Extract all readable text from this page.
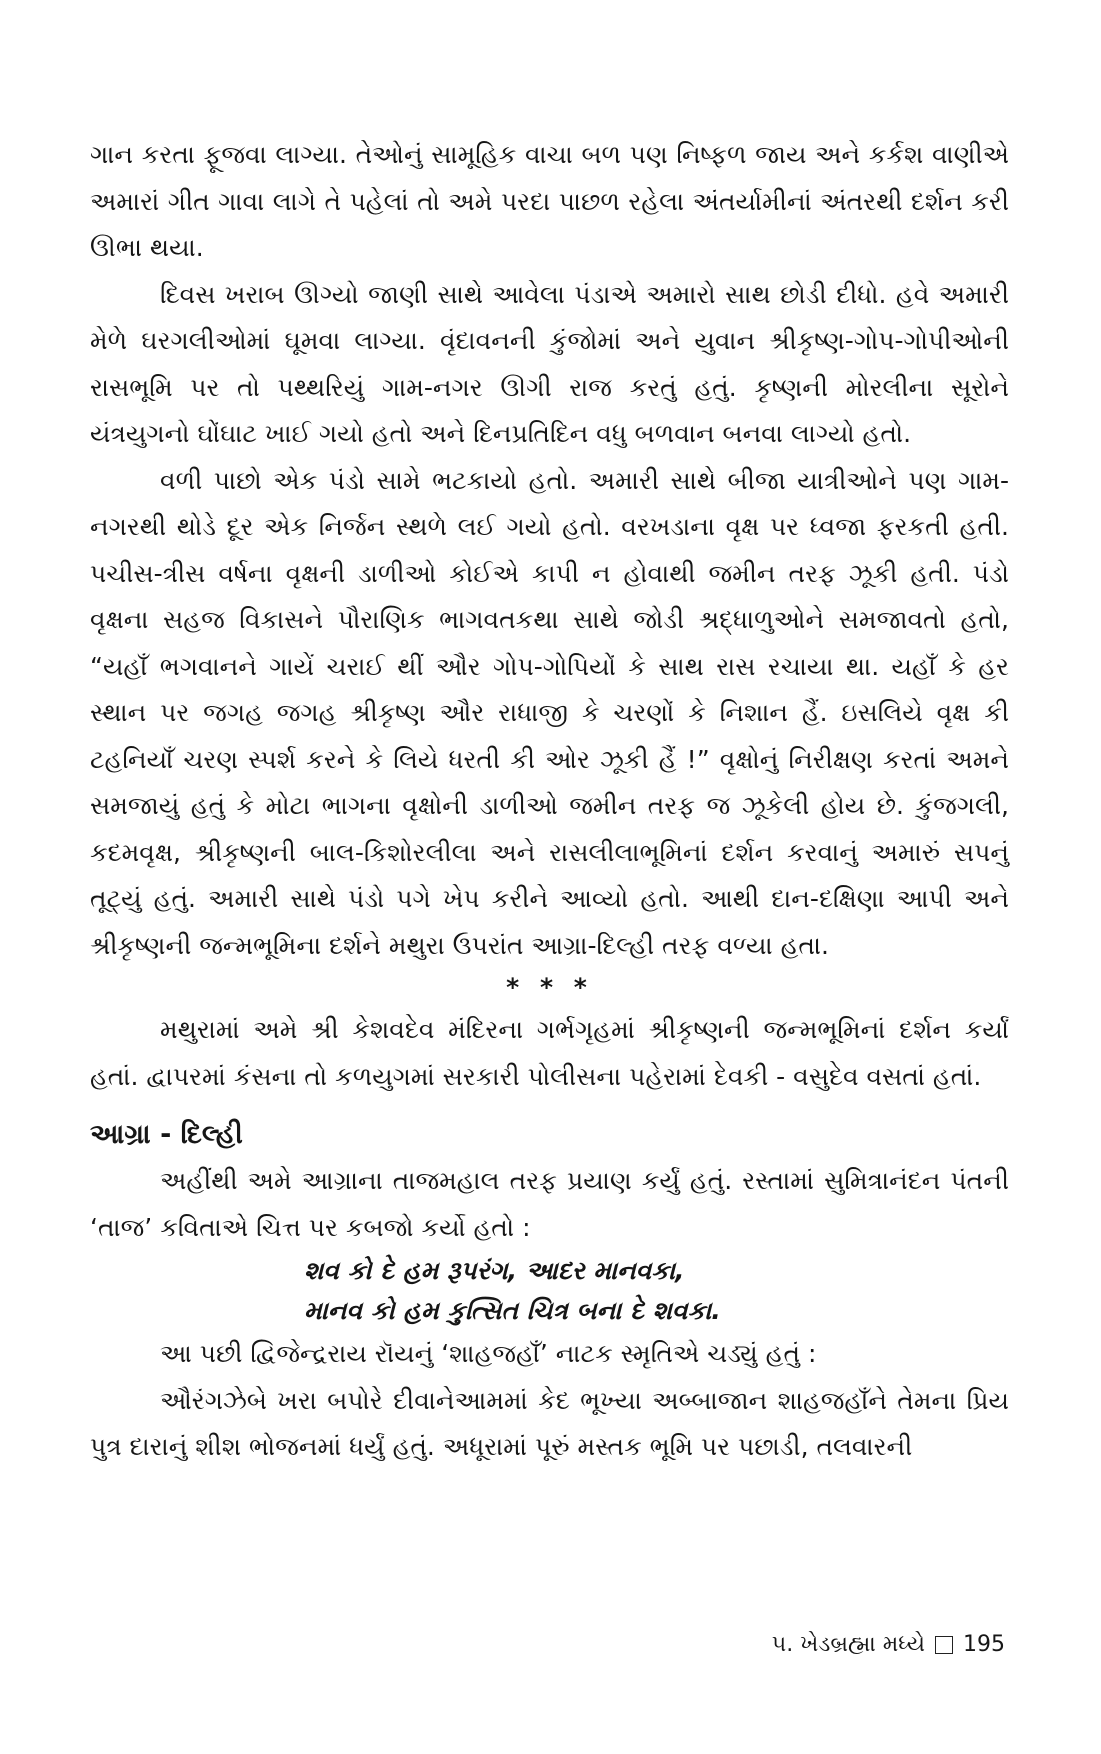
ગાન કરતા ફૂજવા લાગ્યા. તેઓનું સામૂહિક વાચા બળ પણ નિષ્ફળ જાય અને કર્કશ વાણીએ અમારાં ગીત ગાવા લાગે તે પહેલાં તો અમે પરદા પાછળ રહેલા અંતર્યામીનાં અંતરથી દર્શન કરી ઊભા થયા.

દિવસ ખરાબ ઊગ્યો જાણી સાથે આવેલા પંડાએ અમારો સાથ છોડી દીધો. હવે અમારી મેળે ઘરગલીઓમાં ઘૂમવા લાગ્યા. વૃંદાવનની કુંજોમાં અને યુવાન શ્રીકૃષ્ણ-ગોપ-ગોપીઓની રાસભૂમિ પર તો પથ્થરિયું ગામ-નગર ઊગી રાજ કરતું હતું. કૃષ્ણની મોરલીના સૂરોને યંત્રયુગનો ઘોંઘાટ ખાઈ ગયો હતો અને દિનપ્રતિદિન વધુ બળવાન બનવા લાગ્યો હતો.

વળી પાછો એક પંડો સામે ભટકાયો હતો. અમારી સાથે બીજા યાત્રીઓને પણ ગામ-નગરથી થોડે દૂર એક નિર્જન સ્થળે લઈ ગયો હતો. વરખડાના વૃક્ષ પર ધ્વજા ફરકતી હતી. પચીસ-ત્રીસ વર્ષના વૃક્ષની ડાળીઓ કોઈએ કાપી ન હોવાથી જમીન તરફ ઝૂકી હતી. પંડો વૃક્ષના સહજ વિકાસને પૌરાણિક ભાગવતકથા સાથે જોડી શ્રદ્ધાળુઓને સમજાવતો હતો, “યહાઁ ભગવાનને ગાયેં ચરાઈ થીં ઔર ગોપ-ગોપિયોં કે સાથ રાસ રચાયા થા. યહાઁ કે હર સ્થાન પર જગહ જગહ શ્રીકૃષ્ણ ઔર રાધાજી કે ચરણોં કે નિશાન હૈં. ઇસલિયે વૃક્ષ કી ટહનિયાઁ ચરણ સ્પર્શ કરને કે લિયે ધરતી કી ઓર ઝૂકી હૈં !” વૃક્ષોનું નિરીક્ષણ કરતાં અમને સમજાયું હતું કે મોટા ભાગના વૃક્ષોની ડાળીઓ જમીન તરફ જ ઝૂકેલી હોય છે. કુંજગલી, કદમવૃક્ષ, શ્રીકૃષ્ણની બાલ-કિશોરલીલા અને રાસલીલાભૂમિનાં દર્શન કરવાનું અમારું સપનું તૂટ્યું હતું. અમારી સાથે પંડો પગે ખેપ કરીને આવ્યો હતો. આથી દાન-દક્ષિણા આપી અને શ્રીકૃષ્ણની જન્મભૂમિના દર્શને મથુરા ઉપરાંત આગ્રા-દિલ્હી તરફ વળ્યા હતા.

* * *

મથુરામાં અમે શ્રી કેશવદેવ મંદિરના ગર્ભગૃહમાં શ્રીકૃષ્ણની જન્મભૂમિનાં દર્શન કર્યાં હતાં. દ્વાપરમાં કંસના તો કળયુગમાં સરકારી પોલીસના પહેરામાં દેવકી - વસુદેવ વસતાં હતાં.

આગ્રા - દિલ્હી

અહીંથી અમે આગ્રાના તાજમહાલ તરફ પ્રયાણ કર્યું હતું. રસ્તામાં સુમિત્રાનંદન પંતની ‘તાજ’ કવિતાએ ચિત્ત પર કબજો કર્યો હતો :

શવ કો દે હમ રૂપરંગ, આદર માનવકા,
માનવ કો હમ કુત્સિત ચિત્ર બના દે શવકા.

આ પછી દ્વિજેન્દ્રરાય રૉયનું ‘શાહજહાઁ’ નાટક સ્મૃતિએ ચડ્યું હતું :

ઔરંગઝેબે ખરા બપોરે દીવાનેઆમમાં કેદ ભૂખ્યા અબ્બાજાન શાહજહાઁને તેમના પ્રિય પુત્ર દારાનું શીશ ભોજનમાં ધર્યું હતું. અધૂરામાં પૂરું મસ્તક ભૂમિ પર પછાડી, તલવારની

૫. ખેડબ્રહ્મા મધ્યે 195
